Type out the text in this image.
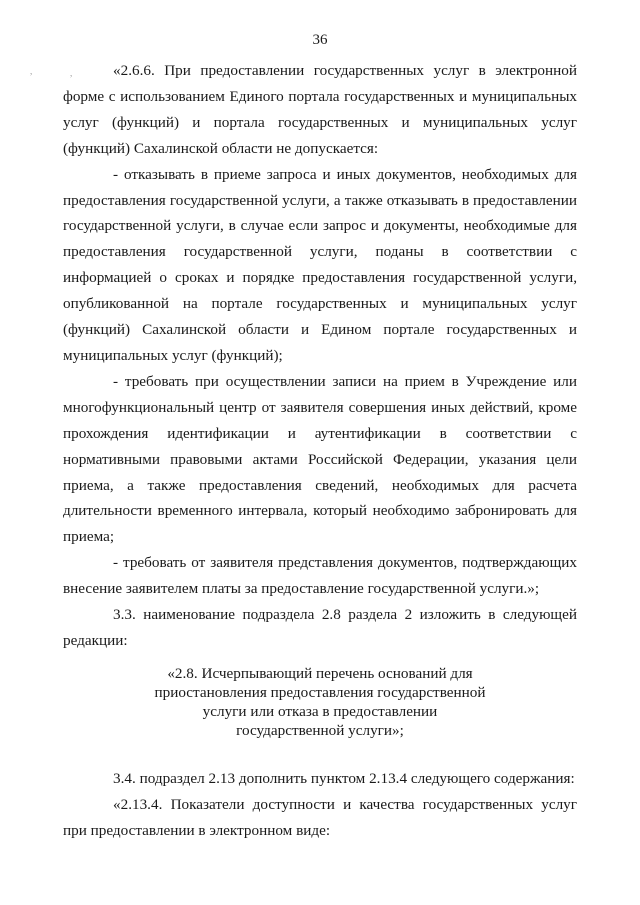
36
,	,	«2.6.6. При предоставлении государственных услуг в электронной форме с использованием Единого портала государственных и муниципальных услуг (функций) и портала государственных и муниципальных услуг (функций) Сахалинской области не допускается:

- отказывать в приеме запроса и иных документов, необходимых для предоставления государственной услуги, а также отказывать в предоставлении государственной услуги, в случае если запрос и документы, необходимые для предоставления государственной услуги, поданы в соответствии с информацией о сроках и порядке предоставления государственной услуги, опубликованной на портале государственных и муниципальных услуг (функций) Сахалинской области и Едином портале государственных и муниципальных услуг (функций);

- требовать при осуществлении записи на прием в Учреждение или многофункциональный центр от заявителя совершения иных действий, кроме прохождения идентификации и аутентификации в соответствии с нормативными правовыми актами Российской Федерации, указания цели приема, а также предоставления сведений, необходимых для расчета длительности временного интервала, который необходимо забронировать для приема;

- требовать от заявителя представления документов, подтверждающих внесение заявителем платы за предоставление государственной услуги.»;

3.3. наименование подраздела 2.8 раздела 2 изложить в следующей редакции:

«2.8. Исчерпывающий перечень оснований для
приостановления предоставления государственной
услуги или отказа в предоставлении
государственной услуги»;

3.4. подраздел 2.13 дополнить пунктом 2.13.4 следующего содержания:

«2.13.4. Показатели доступности и качества государственных услуг при предоставлении в электронном виде:
